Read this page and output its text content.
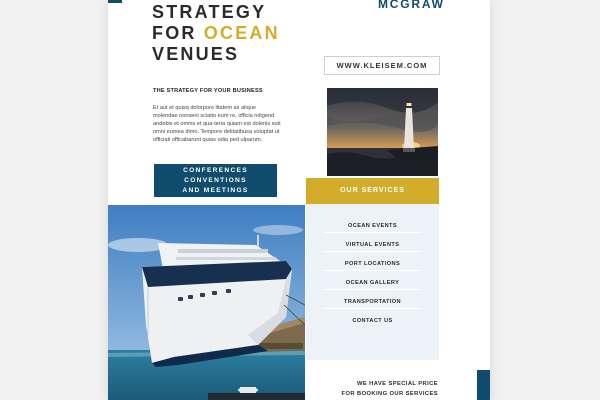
STRATEGY
FOR OCEAN
VENUES
MCGRAW
WWW.KLEISEM.COM
THE STRATEGY FOR YOUR BUSINESS
Et aut et quisq dolorpore litatem as alique molendae nonseni sciatio eum re, officia ndigend andebis et omnis et qua-teria quiam est dolenis esti omni eumea dimo. Tempore delitatibusa voluptat ut officiati officabarunt quias odia ped ulparum.
CONFERENCES
CONVENTIONS
AND MEETINGS	OUR SERVICES
OCEAN EVENTS
VIRTUAL EVENTS
PORT LOCATIONS
OCEAN GALLERY
TRANSPORTATION
CONTACT US
WE HAVE SPECIAL PRICE
FOR BOOKING OUR SERVICES
